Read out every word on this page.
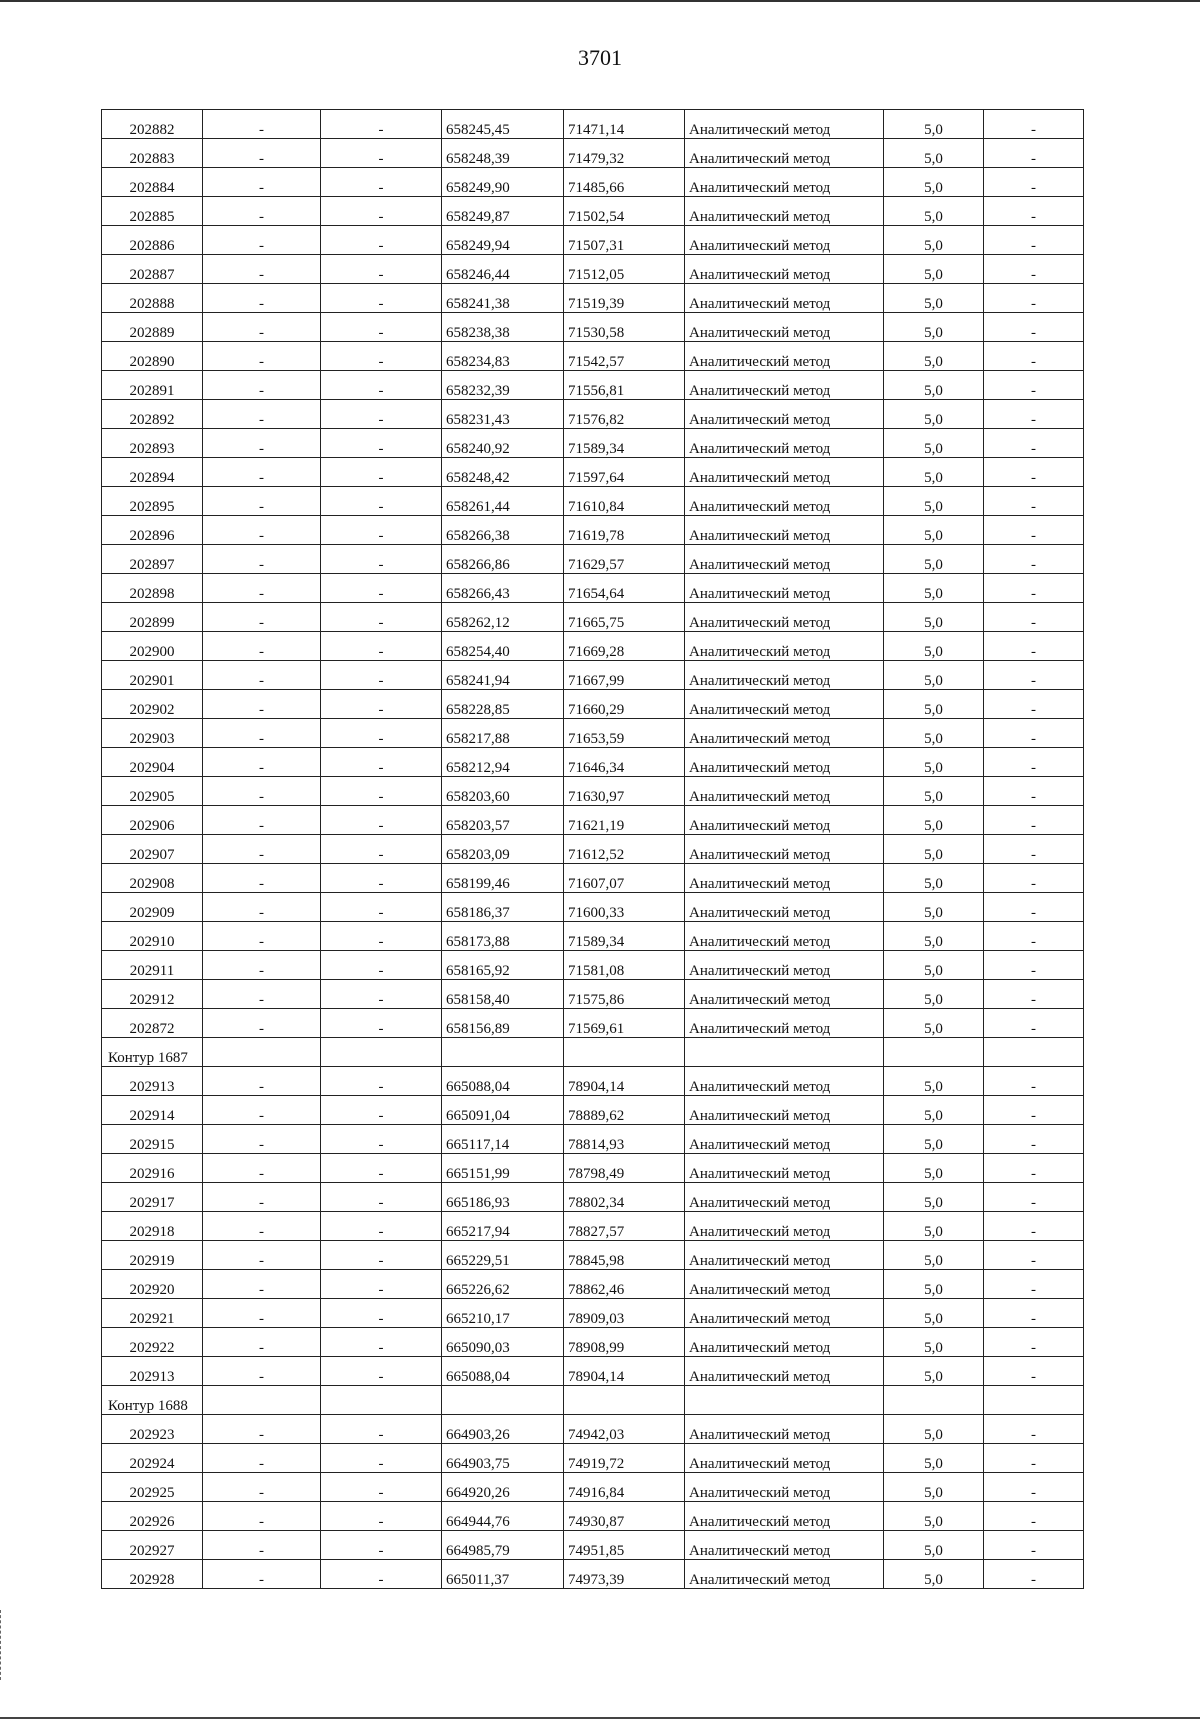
3701
202882	-	-	658245,45	71471,14	Аналитический метод	5,0	-
202883	-	-	658248,39	71479,32	Аналитический метод	5,0	-
202884	-	-	658249,90	71485,66	Аналитический метод	5,0	-
202885	-	-	658249,87	71502,54	Аналитический метод	5,0	-
202886	-	-	658249,94	71507,31	Аналитический метод	5,0	-
202887	-	-	658246,44	71512,05	Аналитический метод	5,0	-
202888	-	-	658241,38	71519,39	Аналитический метод	5,0	-
202889	-	-	658238,38	71530,58	Аналитический метод	5,0	-
202890	-	-	658234,83	71542,57	Аналитический метод	5,0	-
202891	-	-	658232,39	71556,81	Аналитический метод	5,0	-
202892	-	-	658231,43	71576,82	Аналитический метод	5,0	-
202893	-	-	658240,92	71589,34	Аналитический метод	5,0	-
202894	-	-	658248,42	71597,64	Аналитический метод	5,0	-
202895	-	-	658261,44	71610,84	Аналитический метод	5,0	-
202896	-	-	658266,38	71619,78	Аналитический метод	5,0	-
202897	-	-	658266,86	71629,57	Аналитический метод	5,0	-
202898	-	-	658266,43	71654,64	Аналитический метод	5,0	-
202899	-	-	658262,12	71665,75	Аналитический метод	5,0	-
202900	-	-	658254,40	71669,28	Аналитический метод	5,0	-
202901	-	-	658241,94	71667,99	Аналитический метод	5,0	-
202902	-	-	658228,85	71660,29	Аналитический метод	5,0	-
202903	-	-	658217,88	71653,59	Аналитический метод	5,0	-
202904	-	-	658212,94	71646,34	Аналитический метод	5,0	-
202905	-	-	658203,60	71630,97	Аналитический метод	5,0	-
202906	-	-	658203,57	71621,19	Аналитический метод	5,0	-
202907	-	-	658203,09	71612,52	Аналитический метод	5,0	-
202908	-	-	658199,46	71607,07	Аналитический метод	5,0	-
202909	-	-	658186,37	71600,33	Аналитический метод	5,0	-
202910	-	-	658173,88	71589,34	Аналитический метод	5,0	-
202911	-	-	658165,92	71581,08	Аналитический метод	5,0	-
202912	-	-	658158,40	71575,86	Аналитический метод	5,0	-
202872	-	-	658156,89	71569,61	Аналитический метод	5,0	-
Контур 1687							
202913	-	-	665088,04	78904,14	Аналитический метод	5,0	-
202914	-	-	665091,04	78889,62	Аналитический метод	5,0	-
202915	-	-	665117,14	78814,93	Аналитический метод	5,0	-
202916	-	-	665151,99	78798,49	Аналитический метод	5,0	-
202917	-	-	665186,93	78802,34	Аналитический метод	5,0	-
202918	-	-	665217,94	78827,57	Аналитический метод	5,0	-
202919	-	-	665229,51	78845,98	Аналитический метод	5,0	-
202920	-	-	665226,62	78862,46	Аналитический метод	5,0	-
202921	-	-	665210,17	78909,03	Аналитический метод	5,0	-
202922	-	-	665090,03	78908,99	Аналитический метод	5,0	-
202913	-	-	665088,04	78904,14	Аналитический метод	5,0	-
Контур 1688							
202923	-	-	664903,26	74942,03	Аналитический метод	5,0	-
202924	-	-	664903,75	74919,72	Аналитический метод	5,0	-
202925	-	-	664920,26	74916,84	Аналитический метод	5,0	-
202926	-	-	664944,76	74930,87	Аналитический метод	5,0	-
202927	-	-	664985,79	74951,85	Аналитический метод	5,0	-
202928	-	-	665011,37	74973,39	Аналитический метод	5,0	-
